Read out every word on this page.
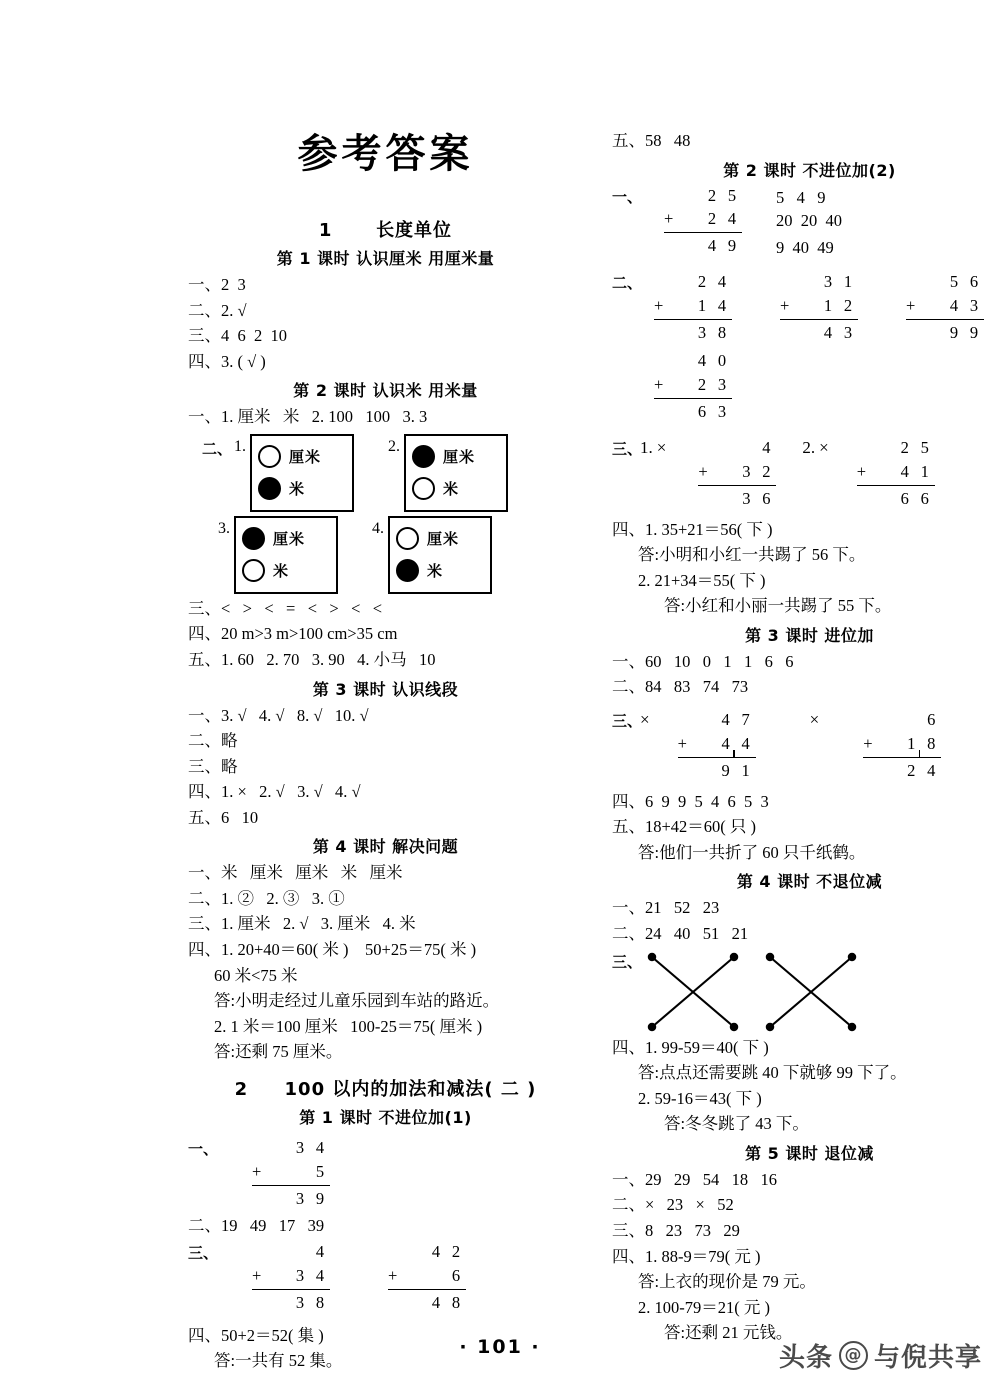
参考答案
1 长度单位
第 1 课时 认识厘米 用厘米量
一、2  3
二、2. √
三、4  6  2  10
四、3. ( √ )
第 2 课时 认识米 用米量
一、1. 厘米   米   2. 100   100   3. 3
二、 1.
厘米
米
2.
厘米
米
3.
厘米
米
4.
厘米
米
三、<   >   <   =   <   >   <   <
四、20 m>3 m>100 cm>35 cm
五、1. 60   2. 70   3. 90   4. 小马   10
第 3 课时 认识线段
一、3. √   4. √   8. √   10. √
二、略
三、略
四、1. ×   2. √   3. √   4. √
五、6   10
第 4 课时 解决问题
一、米   厘米   厘米   米   厘米
二、1. ②   2. ③   3. ①
三、1. 厘米   2. √   3. 厘米   4. 米
四、1. 20+40＝60( 米 )    50+25＝75( 米 )
60 米<75 米
答:小明走经过儿童乐园到车站的路近。
2. 1 米＝100 厘米   100-25＝75( 厘米 )
答:还剩 75 厘米。
2 100 以内的加法和减法( 二 )
第 1 课时 不进位加(1)
一、	3 4
+	5
3 9
二、19   49   17   39
三、	4
+	3 4
3 8
4 2
+	6
4 8
四、50+2＝52( 集 )
答:一共有 52 集。
五、58   48
第 2 课时 不进位加(2)
一、	2 5
+	2 4
4 9
5   4   9
20  20  40
9  40  49
二、	2 4
+	1 4
3 8
3 1
+	1 2
4 3
5 6
+	4 3
9 9
4 0
+	2 3
6 3
三、
1. ×	4
+	3 2
3 6
2. ×	2 5
+	4 1
6 6
四、1. 35+21＝56( 下 )
答:小明和小红一共踢了 56 下。
2. 21+34＝55( 下 )
答:小红和小丽一共踢了 55 下。
第 3 课时 进位加
一、60   10   0   1   1   6   6
二、84   83   74   73
三、
×	4 7
+	4 4
9 1
×	6
+	1 8
2 4
四、6  9  9  5  4  6  5  3
五、18+42＝60( 只 )
答:他们一共折了 60 只千纸鹤。
第 4 课时 不退位减
一、21   52   23
二、24   40   51   21
三、
四、1. 99-59＝40( 下 )
答:点点还需要跳 40 下就够 99 下了。
2. 59-16＝43( 下 )
答:冬冬跳了 43 下。
第 5 课时 退位减
一、29   29   54   18   16
二、×   23   ×   52
三、8   23   73   29
四、1. 88-9＝79( 元 )
答:上衣的现价是 79 元。
2. 100-79＝21( 元 )
答:还剩 21 元钱。
· 101 ·	头条 @ 与倪共享
